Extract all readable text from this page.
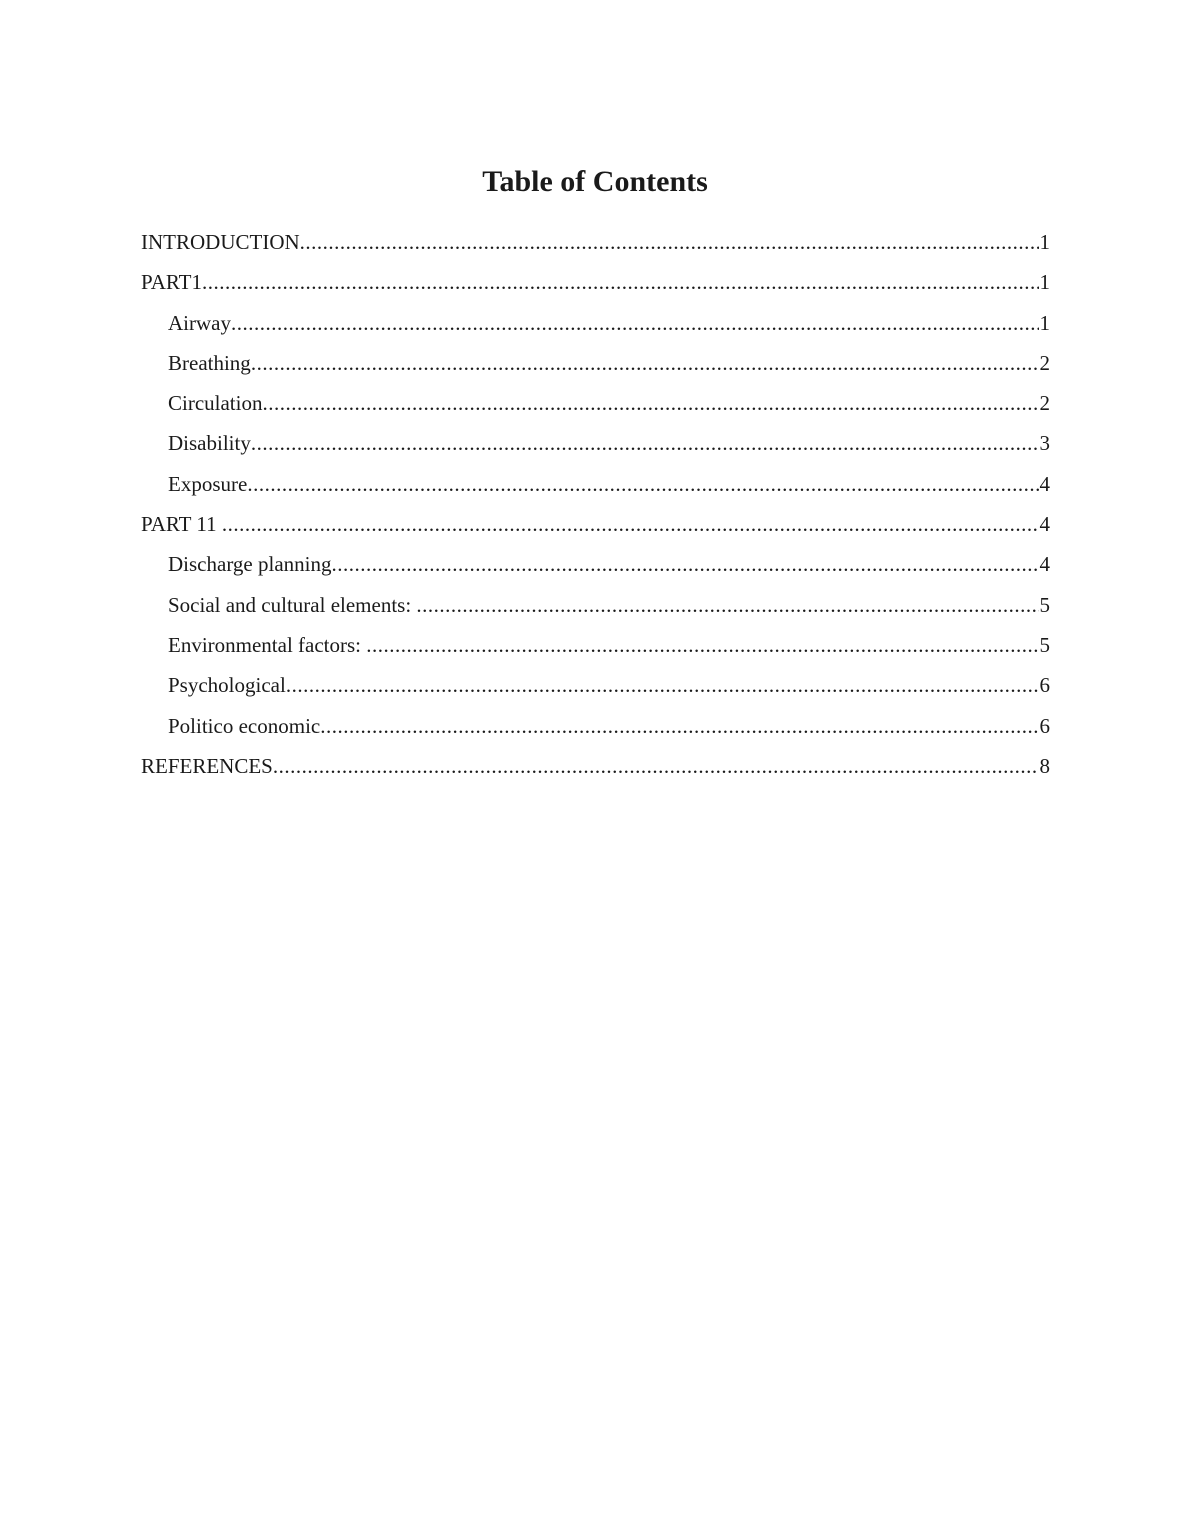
Table of Contents
INTRODUCTION .....	1
PART1 .....	1
Airway .....	1
Breathing .....	2
Circulation .....	2
Disability .....	3
Exposure .....	4
PART 11 .....	4
Discharge planning .....	4
Social and cultural elements: .....	5
Environmental factors: .....	5
Psychological .....	6
Politico economic .....	6
REFERENCES .....	8
